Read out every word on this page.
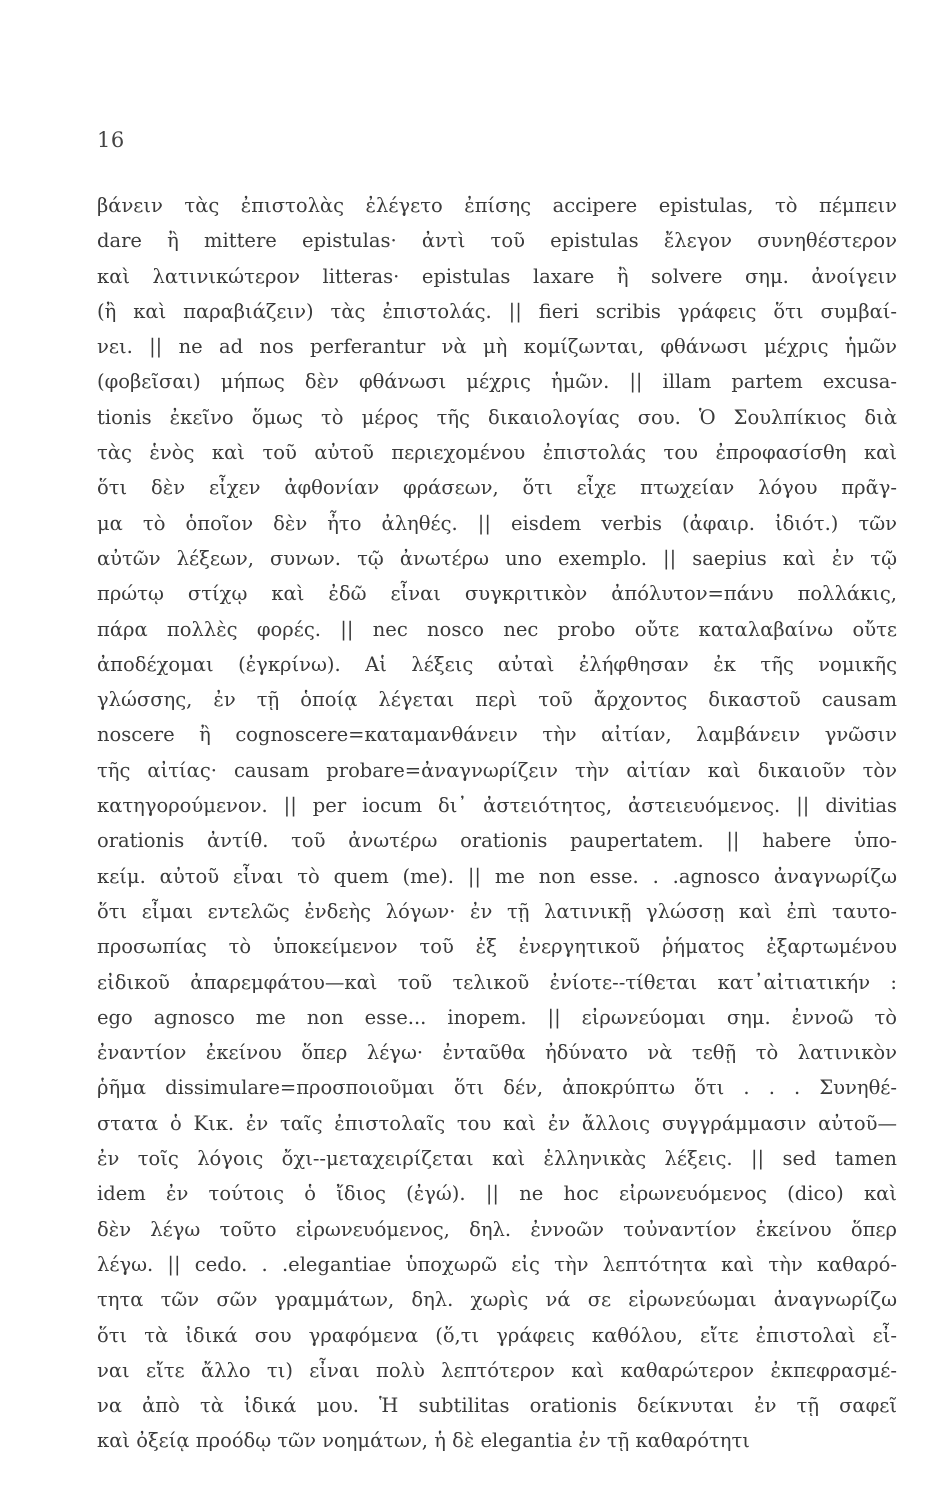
16
βάνειν τὰς ἐπιστολὰς ἐλέγετο ἐπίσης accipere epistulas, τὸ πέμπειν
dare ἢ mittere epistulas· ἀντὶ τοῦ epistulas ἔλεγον συνηθέστερον
καὶ λατινικώτερον litteras· epistulas laxare ἢ solvere σημ. ἀνοίγειν
(ἢ καὶ παραβιάζειν) τὰς ἐπιστολάς. || fieri scribis γράφεις ὅτι συμβαί-
νει. || ne ad nos perferantur νὰ μὴ κομίζωνται, φθάνωσι μέχρις ἡμῶν
(φοβεῖσαι) μήπως δὲν φθάνωσι μέχρις ἡμῶν. || illam partem excusa-
tionis ἐκεῖνο ὅμως τὸ μέρος τῆς δικαιολογίας σου. Ὁ Σουλπίκιος διὰ
τὰς ἑνὸς καὶ τοῦ αὐτοῦ περιεχομένου ἐπιστολάς του ἐπροφασίσθη καὶ
ὅτι δὲν εἶχεν ἀφθονίαν φράσεων, ὅτι εἶχε πτωχείαν λόγου πρᾶγ-
μα τὸ ὁποῖον δὲν ἦτο ἀληθές. || eisdem verbis (ἀφαιρ. ἰδιότ.) τῶν
αὐτῶν λέξεων, συνων. τῷ ἀνωτέρω uno exemplo. || saepius καὶ ἐν τῷ
πρώτῳ στίχῳ καὶ ἐδῶ εἶναι συγκριτικὸν ἀπόλυτον=πάνυ πολλάκις,
πάρα πολλὲς φορές. || nec nosco nec probo οὔτε καταλαβαίνω οὔτε
ἀποδέχομαι (ἐγκρίνω). Αἱ λέξεις αὐταὶ ἐλήφθησαν ἐκ τῆς νομικῆς
γλώσσης, ἐν τῇ ὁποίᾳ λέγεται περὶ τοῦ ἄρχοντος δικαστοῦ causam
noscere ἢ cognoscere=καταμανθάνειν τὴν αἰτίαν, λαμβάνειν γνῶσιν
τῆς αἰτίας· causam probare=ἀναγνωρίζειν τὴν αἰτίαν καὶ δικαιοῦν τὸν
κατηγορούμενον. || per iocum δι᾽ ἀστειότητος, ἀστειευόμενος. || divitias
orationis ἀντίθ. τοῦ ἀνωτέρω orationis paupertatem. || habere ὑπο-
κείμ. αὐτοῦ εἶναι τὸ quem (me). || me non esse. . .agnosco ἀναγνωρίζω
ὅτι εἶμαι εντελῶς ἐνδεὴς λόγων· ἐν τῇ λατινικῇ γλώσσῃ καὶ ἐπὶ ταυτο-
προσωπίας τὸ ὑποκείμενον τοῦ ἐξ ἐνεργητικοῦ ῥήματος ἐξαρτωμένου
εἰδικοῦ ἀπαρεμφάτου—καὶ τοῦ τελικοῦ ἐνίοτε--τίθεται κατ᾽αἰτιατικήν :
ego agnosco me non esse... inopem. || εἰρωνεύομαι σημ. ἐννοῶ τὸ
ἐναντίον ἐκείνου ὅπερ λέγω· ἐνταῦθα ἠδύνατο νὰ τεθῇ τὸ λατινικὸν
ῥῆμα dissimulare=προσποιοῦμαι ὅτι δέν, ἀποκρύπτω ὅτι . . . Συνηθέ-
στατα ὁ Κικ. ἐν ταῖς ἐπιστολαῖς του καὶ ἐν ἄλλοις συγγράμμασιν αὐτοῦ—
ἐν τοῖς λόγοις ὄχι--μεταχειρίζεται καὶ ἑλληνικὰς λέξεις. || sed tamen
idem ἐν τούτοις ὁ ἴδιος (ἐγώ). || ne hoc εἰρωνευόμενος (dico) καὶ
δὲν λέγω τοῦτο εἰρωνευόμενος, δηλ. ἐννοῶν τοὐναντίον ἐκείνου ὅπερ
λέγω. || cedo. . .elegantiae ὑποχωρῶ εἰς τὴν λεπτότητα καὶ τὴν καθαρό-
τητα τῶν σῶν γραμμάτων, δηλ. χωρὶς νά σε εἰρωνεύωμαι ἀναγνωρίζω
ὅτι τὰ ἰδικά σου γραφόμενα (ὅ,τι γράφεις καθόλου, εἴτε ἐπιστολαὶ εἶ-
ναι εἴτε ἄλλο τι) εἶναι πολὺ λεπτότερον καὶ καθαρώτερον ἐκπεφρασμέ-
να ἀπὸ τὰ ἰδικά μου. Ἡ subtilitas orationis δείκνυται ἐν τῇ σαφεῖ
καὶ ὀξείᾳ προόδῳ τῶν νοημάτων, ἡ δὲ elegantia ἐν τῇ καθαρότητι
